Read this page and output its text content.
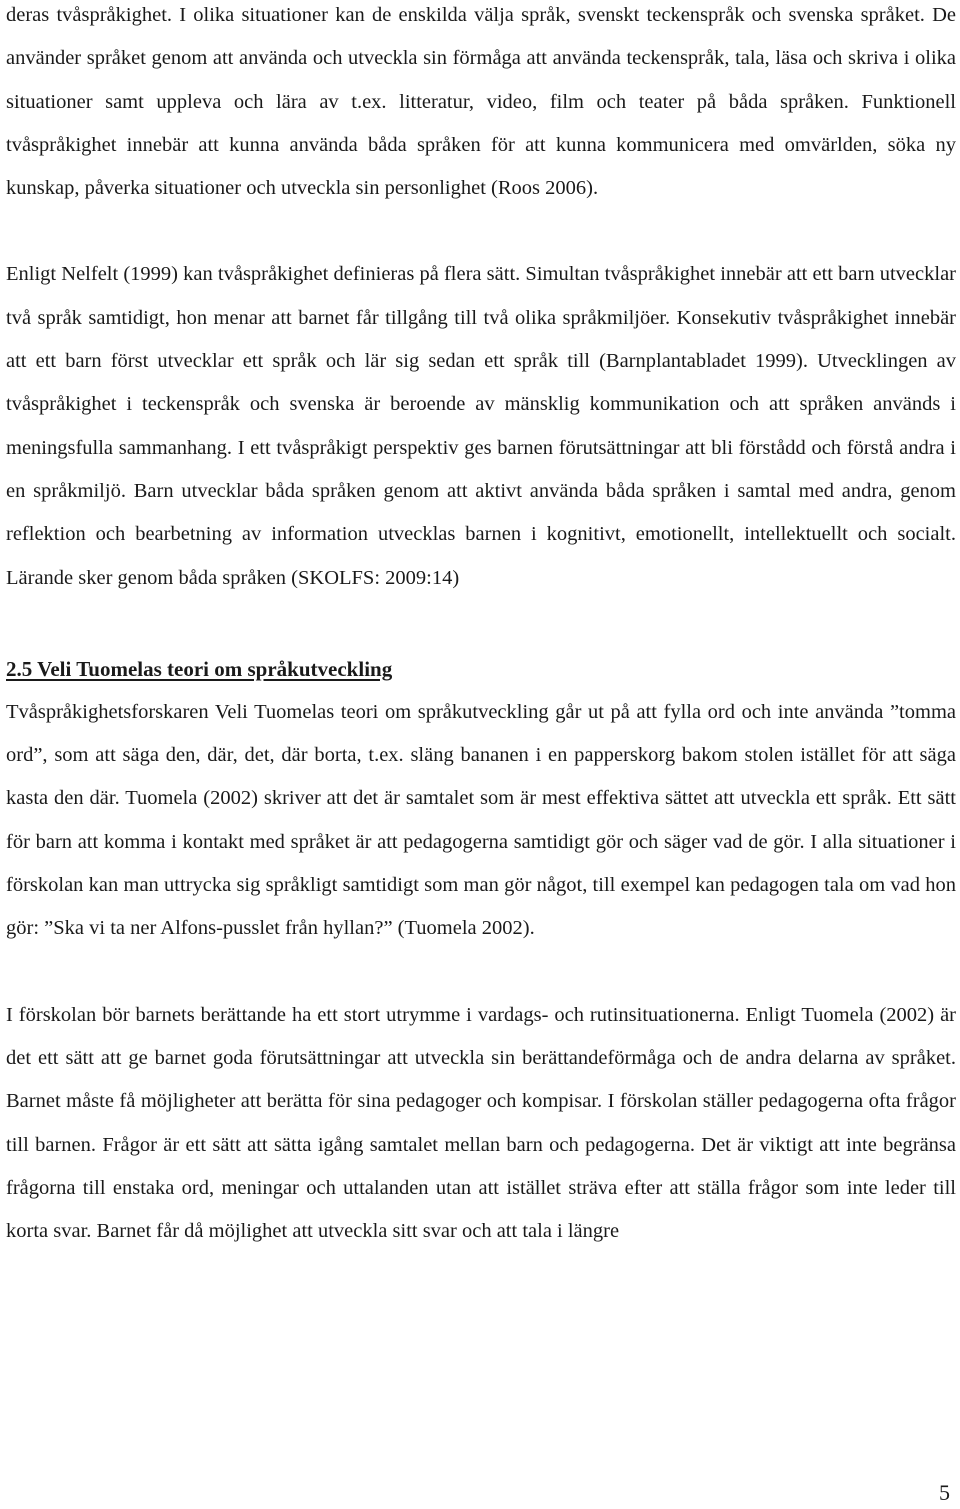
deras tvåspråkighet. I olika situationer kan de enskilda välja språk, svenskt teckenspråk och svenska språket. De använder språket genom att använda och utveckla sin förmåga att använda teckenspråk, tala, läsa och skriva i olika situationer samt uppleva och lära av t.ex. litteratur, video, film och teater på båda språken. Funktionell tvåspråkighet innebär att kunna använda båda språken för att kunna kommunicera med omvärlden, söka ny kunskap, påverka situationer och utveckla sin personlighet (Roos 2006).

Enligt Nelfelt (1999) kan tvåspråkighet definieras på flera sätt. Simultan tvåspråkighet innebär att ett barn utvecklar två språk samtidigt, hon menar att barnet får tillgång till två olika språkmiljöer. Konsekutiv tvåspråkighet innebär att ett barn först utvecklar ett språk och lär sig sedan ett språk till (Barnplantabladet 1999). Utvecklingen av tvåspråkighet i teckenspråk och svenska är beroende av mänsklig kommunikation och att språken används i meningsfulla sammanhang. I ett tvåspråkigt perspektiv ges barnen förutsättningar att bli förstådd och förstå andra i en språkmiljö. Barn utvecklar båda språken genom att aktivt använda båda språken i samtal med andra, genom reflektion och bearbetning av information utvecklas barnen i kognitivt, emotionellt, intellektuellt och socialt. Lärande sker genom båda språken (SKOLFS: 2009:14)

2.5 Veli Tuomelas teori om språkutveckling

Tvåspråkighetsforskaren Veli Tuomelas teori om språkutveckling går ut på att fylla ord och inte använda ”tomma ord”, som att säga den, där, det, där borta, t.ex. släng bananen i en papperskorg bakom stolen istället för att säga kasta den där. Tuomela (2002) skriver att det är samtalet som är mest effektiva sättet att utveckla ett språk. Ett sätt för barn att komma i kontakt med språket är att pedagogerna samtidigt gör och säger vad de gör. I alla situationer i förskolan kan man uttrycka sig språkligt samtidigt som man gör något, till exempel kan pedagogen tala om vad hon gör: ”Ska vi ta ner Alfons-pusslet från hyllan?” (Tuomela 2002).

I förskolan bör barnets berättande ha ett stort utrymme i vardags- och rutinsituationerna. Enligt Tuomela (2002) är det ett sätt att ge barnet goda förutsättningar att utveckla sin berättandeförmåga och de andra delarna av språket. Barnet måste få möjligheter att berätta för sina pedagoger och kompisar. I förskolan ställer pedagogerna ofta frågor till barnen. Frågor är ett sätt att sätta igång samtalet mellan barn och pedagogerna. Det är viktigt att inte begränsa frågorna till enstaka ord, meningar och uttalanden utan att istället sträva efter att ställa frågor som inte leder till korta svar. Barnet får då möjlighet att utveckla sitt svar och att tala i längre

5
